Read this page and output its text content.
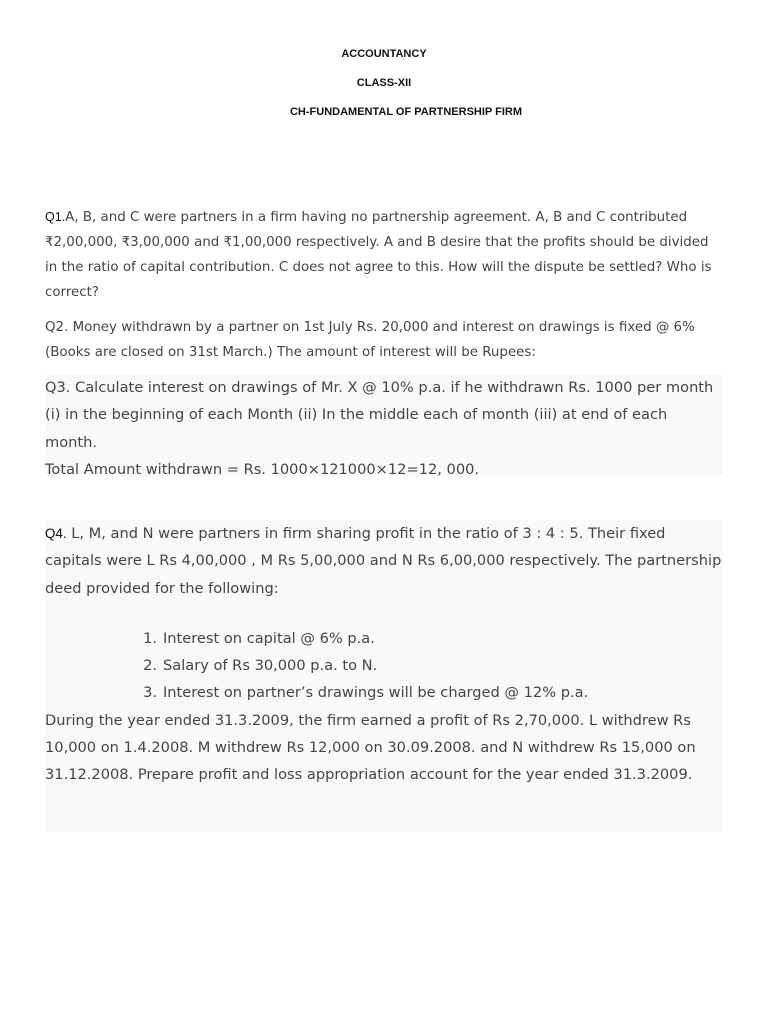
ACCOUNTANCY
CLASS-XII
CH-FUNDAMENTAL OF PARTNERSHIP FIRM

Q1.A, B, and C were partners in a firm having no partnership agreement. A, B and C contributed ₹2,00,000, ₹3,00,000 and ₹1,00,000 respectively. A and B desire that the profits should be divided in the ratio of capital contribution. C does not agree to this. How will the dispute be settled? Who is correct?

Q2. Money withdrawn by a partner on 1st July Rs. 20,000 and interest on drawings is fixed @ 6% (Books are closed on 31st March.) The amount of interest will be Rupees:

Q3. Calculate interest on drawings of Mr. X @ 10% p.a. if he withdrawn Rs. 1000 per month (i) in the beginning of each Month (ii) In the middle each of month (iii) at end of each month.
Total Amount withdrawn = Rs. 1000×121000×12=12, 000.
Q4. L, M, and N were partners in firm sharing profit in the ratio of 3 : 4 : 5. Their fixed capitals were L Rs 4,00,000 , M Rs 5,00,000 and N Rs 6,00,000 respectively. The partnership deed provided for the following:
1. Interest on capital @ 6% p.a.
2. Salary of Rs 30,000 p.a. to N.
3. Interest on partner’s drawings will be charged @ 12% p.a.
During the year ended 31.3.2009, the firm earned a profit of Rs 2,70,000. L withdrew Rs 10,000 on 1.4.2008. M withdrew Rs 12,000 on 30.09.2008. and N withdrew Rs 15,000 on 31.12.2008. Prepare profit and loss appropriation account for the year ended 31.3.2009.
